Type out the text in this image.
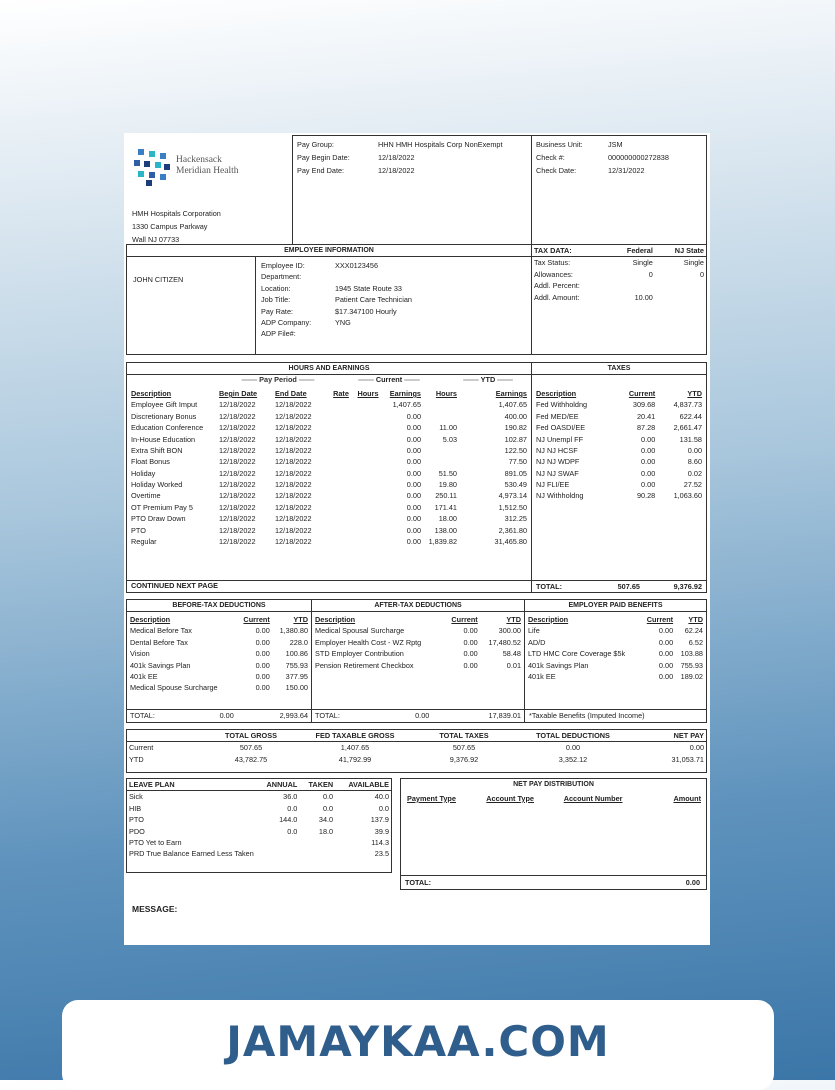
Hackensack Meridian Health
HMH Hospitals Corporation
1330 Campus Parkway
Wall NJ 07733
Pay Group:	HHN HMH Hospitals Corp NonExempt
Pay Begin Date:	12/18/2022
Pay End Date:	12/18/2022
Business Unit:	JSM
Check #:	000000000272838
Check Date:	12/31/2022
EMPLOYEE INFORMATION
JOHN CITIZEN
Employee ID:	XXX0123456
Department:	
Location:	1945 State Route 33
Job Title:	Patient Care Technician
Pay Rate:	$17.347100 Hourly
ADP Company:	YNG
ADP File#:	
TAX DATA:	Federal	NJ State
Tax Status:	Single	Single
Allowances:	0	0
Addl. Percent:		
Addl. Amount:	10.00	
HOURS AND EARNINGS
═══ Pay Period ═══	═══ Current ═══	═══ YTD ═══
Description	Begin Date	End Date	Rate	Hours	Earnings	Hours	Earnings
Employee Gift Imput	12/18/2022	12/18/2022			1,407.65		1,407.65
Discretionary Bonus	12/18/2022	12/18/2022			0.00		400.00
Education Conference	12/18/2022	12/18/2022			0.00	11.00	190.82
In-House Education	12/18/2022	12/18/2022			0.00	5.03	102.87
Extra Shift BON	12/18/2022	12/18/2022			0.00		122.50
Float Bonus	12/18/2022	12/18/2022			0.00		77.50
Holiday	12/18/2022	12/18/2022			0.00	51.50	891.05
Holiday Worked	12/18/2022	12/18/2022			0.00	19.80	530.49
Overtime	12/18/2022	12/18/2022			0.00	250.11	4,973.14
OT Premium Pay 5	12/18/2022	12/18/2022			0.00	171.41	1,512.50
PTO Draw Down	12/18/2022	12/18/2022			0.00	18.00	312.25
PTO	12/18/2022	12/18/2022			0.00	138.00	2,361.80
Regular	12/18/2022	12/18/2022			0.00	1,839.82	31,465.80
CONTINUED NEXT PAGE
TAXES
Description	Current	YTD
Fed Withholdng	309.68	4,837.73
Fed MED/EE	20.41	622.44
Fed OASDI/EE	87.28	2,661.47
NJ Unempl FF	0.00	131.58
NJ NJ HCSF	0.00	0.00
NJ NJ WDPF	0.00	8.60
NJ NJ SWAF	0.00	0.02
NJ FLI/EE	0.00	27.52
NJ Withholdng	90.28	1,063.60
TOTAL:	507.65	9,376.92
BEFORE-TAX DEDUCTIONS
Description	Current	YTD
Medical Before Tax	0.00	1,380.80
Dental Before Tax	0.00	228.0
Vision	0.00	100.86
401k Savings Plan	0.00	755.93
401k EE	0.00	377.95
Medical Spouse Surcharge	0.00	150.00
TOTAL:	0.00	2,993.64
AFTER-TAX DEDUCTIONS
Description	Current	YTD
Medical Spousal Surcharge	0.00	300.00
Employer Health Cost - WZ Rptg	0.00	17,480.52
STD Employer Contribution	0.00	58.48
Pension Retirement Checkbox	0.00	0.01
TOTAL:	0.00	17,839.01
EMPLOYER PAID BENEFITS
Description	Current	YTD
Life	0.00	62.24
AD/D	0.00	6.52
LTD HMC Core Coverage $5k	0.00	103.88
401k Savings Plan	0.00	755.93
401k EE	0.00	189.02
*Taxable Benefits (Imputed Income)
	TOTAL GROSS	FED TAXABLE GROSS	TOTAL TAXES	TOTAL DEDUCTIONS	NET PAY
Current	507.65	1,407.65	507.65	0.00	0.00
YTD	43,782.75	41,792.99	9,376.92	3,352.12	31,053.71
LEAVE PLAN	ANNUAL	TAKEN	AVAILABLE
Sick	36.0	0.0	40.0
HIB	0.0	0.0	0.0
PTO	144.0	34.0	137.9
PDO	0.0	18.0	39.9
PTO Yet to Earn			114.3
PRD True Balance Earned Less Taken			23.5
NET PAY DISTRIBUTION
Payment Type	Account Type	Account Number	Amount
TOTAL:	0.00
MESSAGE:
JAMAYKAA.COM
